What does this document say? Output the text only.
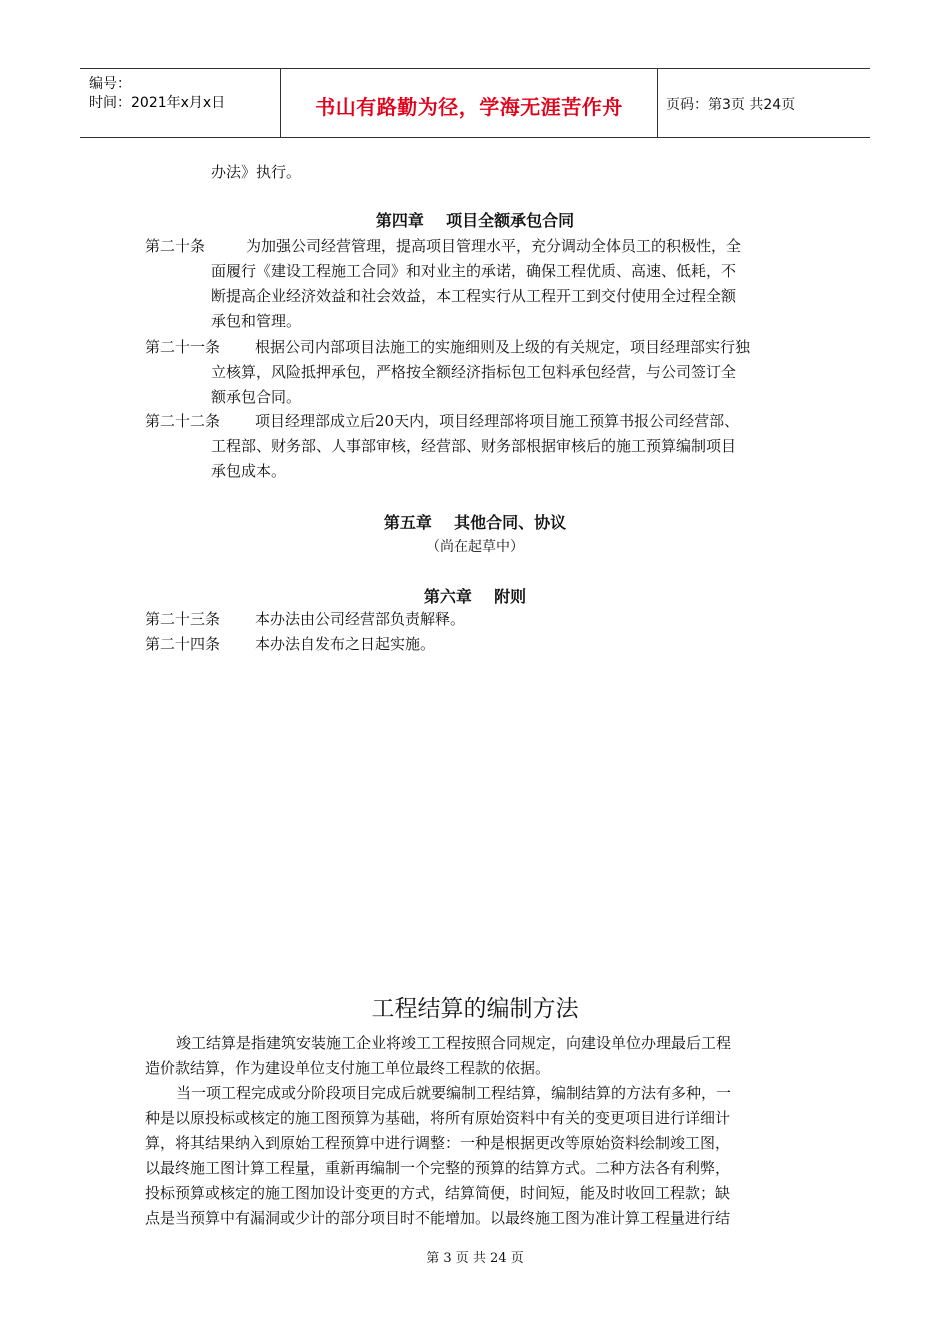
编号：
时间：2021年x月x日	书山有路勤为径，学海无涯苦作舟	页码：第3页 共24页
办法》执行。
第四章    项目全额承包合同
第二十条	为加强公司经营管理，提高项目管理水平，充分调动全体员工的积极性，全
面履行《建设工程施工合同》和对业主的承诺，确保工程优质、高速、低耗，不
断提高企业经济效益和社会效益，本工程实行从工程开工到交付使用全过程全额
承包和管理。
第二十一条 根据公司内部项目法施工的实施细则及上级的有关规定，项目经理部实行独
立核算，风险抵押承包，严格按全额经济指标包工包料承包经营，与公司签订全
额承包合同。
第二十二条 项目经理部成立后20天内，项目经理部将项目施工预算书报公司经营部、
工程部、财务部、人事部审核，经营部、财务部根据审核后的施工预算编制项目
承包成本。
第五章    其他合同、协议
（尚在起草中）
第六章    附则
第二十三条 本办法由公司经营部负责解释。
第二十四条 本办法自发布之日起实施。
工程结算的编制方法
竣工结算是指建筑安装施工企业将竣工工程按照合同规定，向建设单位办理最后工程
造价款结算，作为建设单位支付施工单位最终工程款的依据。
当一项工程完成或分阶段项目完成后就要编制工程结算，编制结算的方法有多种，一
种是以原投标或核定的施工图预算为基础，将所有原始资料中有关的变更项目进行详细计
算，将其结果纳入到原始工程预算中进行调整：一种是根据更改等原始资料绘制竣工图，
以最终施工图计算工程量，重新再编制一个完整的预算的结算方式。二种方法各有利弊，
投标预算或核定的施工图加设计变更的方式，结算简便，时间短，能及时收回工程款；缺
点是当预算中有漏洞或少计的部分项目时不能增加。以最终施工图为准计算工程量进行结
第 3 页 共 24 页
